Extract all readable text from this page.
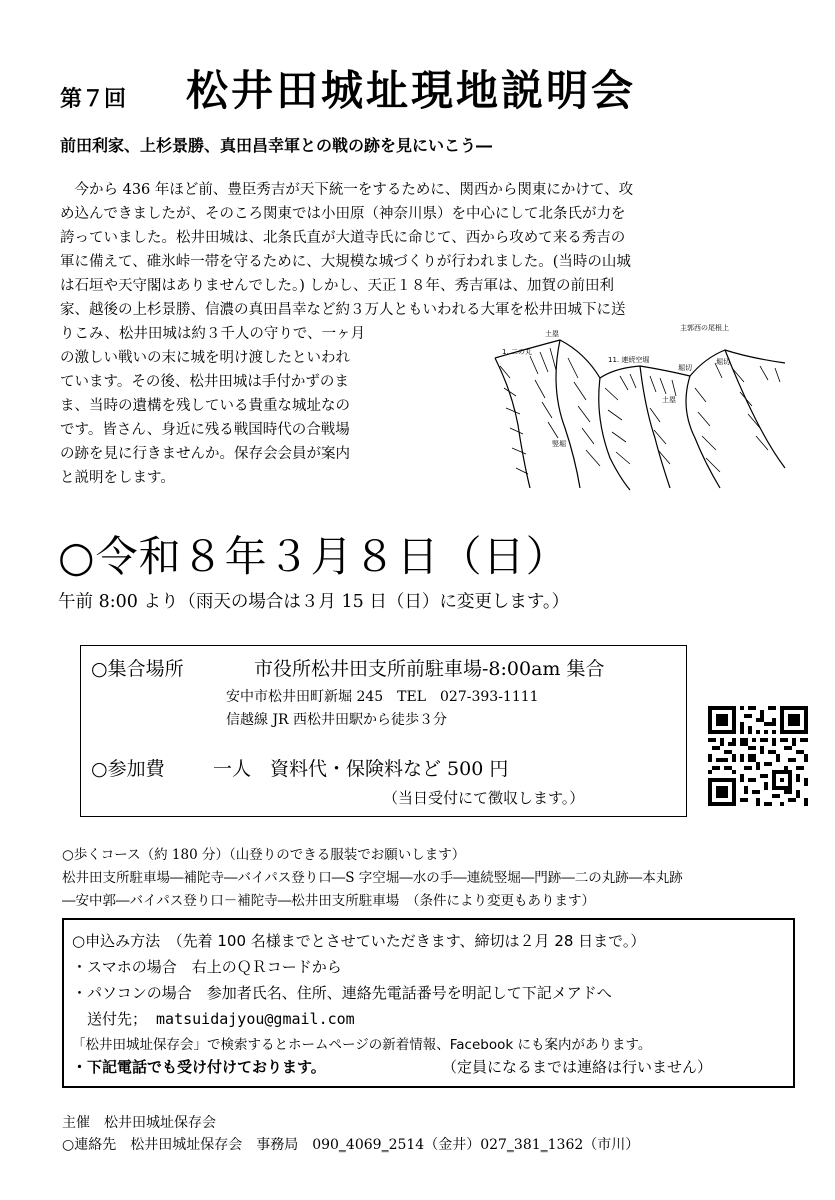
第７回 松井田城址現地説明会
前田利家、上杉景勝、真田昌幸軍との戦の跡を見にいこう―
　今から 436 年ほど前、豊臣秀吉が天下統一をするために、関西から関東にかけて、攻
め込んできましたが、そのころ関東では小田原（神奈川県）を中心にして北条氏が力を
誇っていました。松井田城は、北条氏直が大道寺氏に命じて、西から攻めて来る秀吉の
軍に備えて、碓氷峠一帯を守るために、大規模な城づくりが行われました。(当時の山城
は石垣や天守閣はありませんでした。) しかし、天正１８年、秀吉軍は、加賀の前田利
家、越後の上杉景勝、信濃の真田昌幸など約３万人ともいわれる大軍を松井田城下に送
りこみ、松井田城は約３千人の守りで、一ヶ月
の激しい戦いの末に城を明け渡したといわれ
ています。その後、松井田城は手付かずのま
ま、当時の遺構を残している貴重な城址なの
です。皆さん、身近に残る戦国時代の合戦場
の跡を見に行きませんか。保存会会員が案内
と説明をします。
主郭西の尾根上
土塁
1. 二の丸
11. 連続空堀
堀切
堀切
土塁
竪堀
○令和８年３月８日（日）
午前 8:00 より（雨天の場合は３月 15 日（日）に変更します。）
○集合場所	市役所松井田支所前駐車場-8:00am 集合
安中市松井田町新堀 245　TEL　027-393-1111
信越線 JR 西松井田駅から徒歩３分
○参加費	一人　資料代・保険料など 500 円
（当日受付にて徴収します。）
○歩くコース（約 180 分）（山登りのできる服装でお願いします）
松井田支所駐車場―補陀寺―バイパス登り口―S 字空堀―水の手―連続竪堀―門跡―二の丸跡―本丸跡
―安中郭―バイパス登り口－補陀寺―松井田支所駐車場　（条件により変更もあります）
○申込み方法　（先着 100 名様までとさせていただきます、締切は２月 28 日まで。）
・スマホの場合　右上のＱＲコードから
・パソコンの場合　参加者氏名、住所、連絡先電話番号を明記して下記メアドへ
　送付先； matsuidajyou@gmail.com
「松井田城址保存会」で検索するとホームページの新着情報、Facebook にも案内があります。
・下記電話でも受け付けております。	（定員になるまでは連絡は行いません）
主催　松井田城址保存会
○連絡先　松井田城址保存会　事務局　090‗4069‗2514（金井）027‗381‗1362（市川）
